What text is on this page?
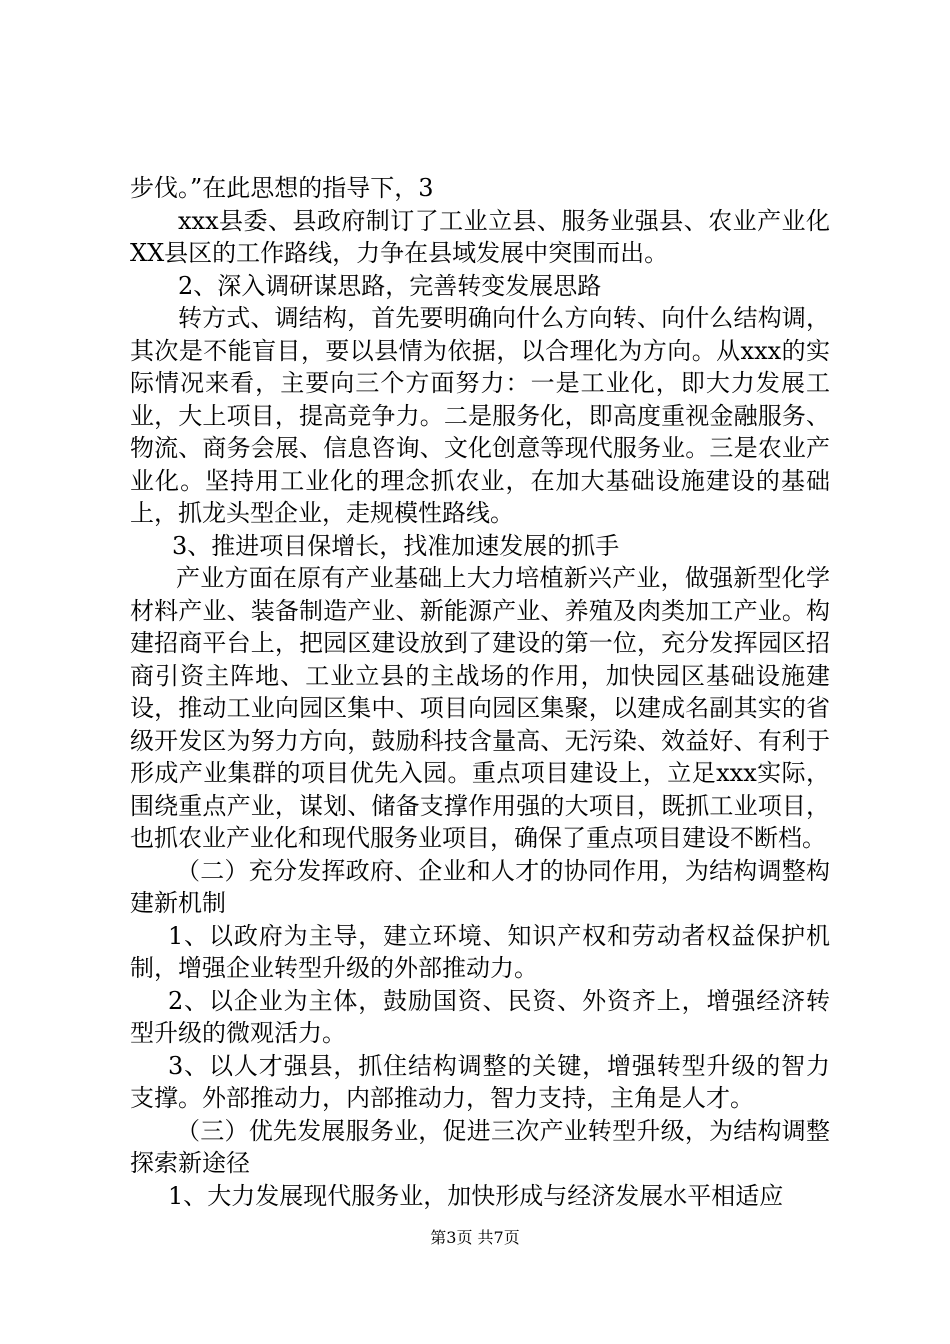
步伐。”在此思想的指导下，3

xxx县委、县政府制订了工业立县、服务业强县、农业产业化XX县区的工作路线，力争在县域发展中突围而出。

2、深入调研谋思路，完善转变发展思路

转方式、调结构，首先要明确向什么方向转、向什么结构调，其次是不能盲目，要以县情为依据，以合理化为方向。从xxx的实际情况来看，主要向三个方面努力：一是工业化，即大力发展工业，大上项目，提高竞争力。二是服务化，即高度重视金融服务、物流、商务会展、信息咨询、文化创意等现代服务业。三是农业产业化。坚持用工业化的理念抓农业，在加大基础设施建设的基础上，抓龙头型企业，走规模性路线。

3、推进项目保增长，找准加速发展的抓手

产业方面在原有产业基础上大力培植新兴产业，做强新型化学材料产业、装备制造产业、新能源产业、养殖及肉类加工产业。构建招商平台上，把园区建设放到了建设的第一位，充分发挥园区招商引资主阵地、工业立县的主战场的作用，加快园区基础设施建设，推动工业向园区集中、项目向园区集聚，以建成名副其实的省级开发区为努力方向，鼓励科技含量高、无污染、效益好、有利于形成产业集群的项目优先入园。重点项目建设上，立足xxx实际，围绕重点产业，谋划、储备支撑作用强的大项目，既抓工业项目，也抓农业产业化和现代服务业项目，确保了重点项目建设不断档。

（二）充分发挥政府、企业和人才的协同作用，为结构调整构建新机制

1、以政府为主导，建立环境、知识产权和劳动者权益保护机制，增强企业转型升级的外部推动力。

2、以企业为主体，鼓励国资、民资、外资齐上，增强经济转型升级的微观活力。

3、以人才强县，抓住结构调整的关键，增强转型升级的智力支撑。外部推动力，内部推动力，智力支持，主角是人才。

（三）优先发展服务业，促进三次产业转型升级，为结构调整探索新途径

1、大力发展现代服务业，加快形成与经济发展水平相适应

第3页 共7页
